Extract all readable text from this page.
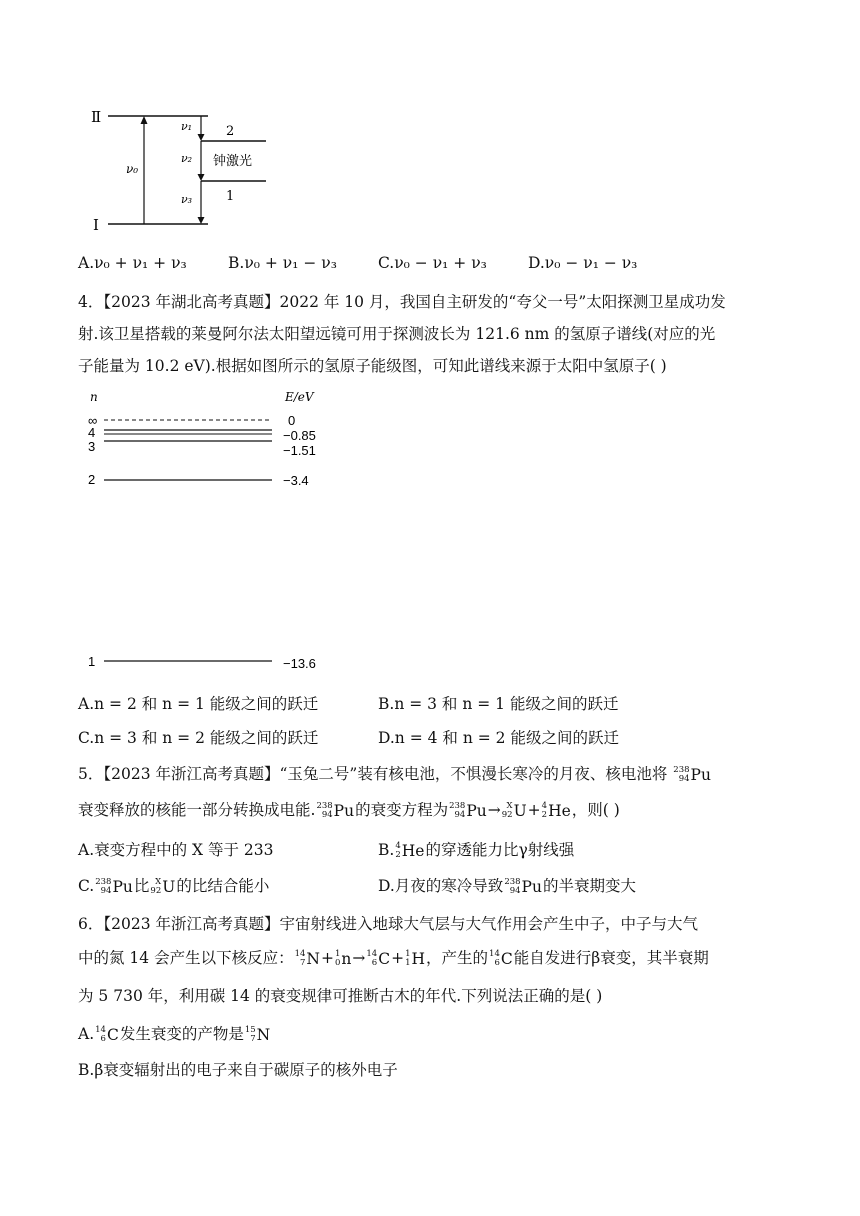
Ⅱ
Ⅰ
ν₀
ν₁
ν₂
ν₃
2
1
钟激光
A.ν₀ + ν₁ + ν₃	B.ν₀ + ν₁ − ν₃	C.ν₀ − ν₁ + ν₃	D.ν₀ − ν₁ − ν₃
4．【2023 年湖北高考真题】2022 年 10 月，我国自主研发的“夸父一号”太阳探测卫星成功发
射.该卫星搭载的莱曼阿尔法太阳望远镜可用于探测波长为 121.6 nm 的氢原子谱线(对应的光
子能量为 10.2 eV).根据如图所示的氢原子能级图，可知此谱线来源于太阳中氢原子( )
n	E/eV
∞
4
3
2
1
0
−0.85
−1.51
−3.4
−13.6
A.n = 2 和 n = 1 能级之间的跃迁	B.n = 3 和 n = 1 能级之间的跃迁
C.n = 3 和 n = 2 能级之间的跃迁	D.n = 4 和 n = 2 能级之间的跃迁
5．【2023 年浙江高考真题】“玉兔二号”装有核电池，不惧漫长寒冷的月夜、核电池将 238
94 Pu
衰变释放的核能一部分转换成电能. 238
94 Pu 的衰变方程为 238
94 Pu → X
92 U + 4
2 He ，则( )
A.衰变方程中的 X 等于 233	B. 4
2 He 的穿透能力比γ射线强
C. 238
94 Pu 比 X
92 U 的比结合能小	D.月夜的寒冷导致 238
94 Pu 的半衰期变大
6．【2023 年浙江高考真题】宇宙射线进入地球大气层与大气作用会产生中子，中子与大气
中的氮 14 会产生以下核反应： 14
7 N + 1
0 n → 14
6 C + 1
1 H ，产生的 14
6 C 能自发进行β衰变，其半衰期
为 5 730 年，利用碳 14 的衰变规律可推断古木的年代.下列说法正确的是( )
A. 14
6 C 发生衰变的产物是 15
7 N
B.β衰变辐射出的电子来自于碳原子的核外电子
